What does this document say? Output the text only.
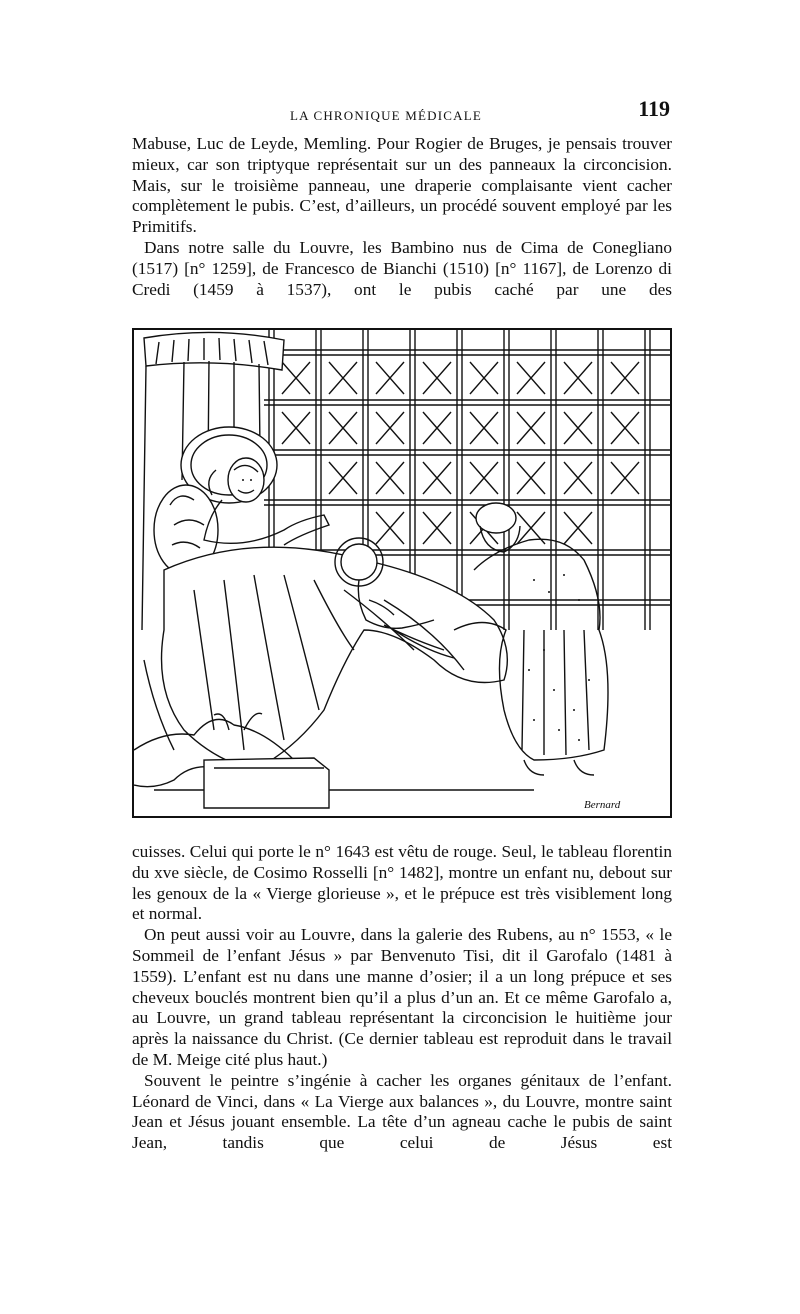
LA CHRONIQUE MÉDICALE	119

Mabuse, Luc de Leyde, Memling. Pour Rogier de Bruges, je pensais trouver mieux, car son triptyque représentait sur un des panneaux la circoncision. Mais, sur le troisième panneau, une draperie complaisante vient cacher complètement le pubis. C’est, d’ailleurs, un procédé souvent employé par les Primitifs.

Dans notre salle du Louvre, les Bambino nus de Cima de Conegliano (1517) [n° 1259], de Francesco de Bianchi (1510) [n° 1167], de Lorenzo di Credi (1459 à 1537), ont le pubis caché par une des

Bernard

cuisses. Celui qui porte le n° 1643 est vêtu de rouge. Seul, le tableau florentin du xve siècle, de Cosimo Rosselli [n° 1482], montre un enfant nu, debout sur les genoux de la « Vierge glorieuse », et le prépuce est très visiblement long et normal.

On peut aussi voir au Louvre, dans la galerie des Rubens, au n° 1553, « le Sommeil de l’enfant Jésus » par Benvenuto Tisi, dit il Garofalo (1481 à 1559). L’enfant est nu dans une manne d’osier; il a un long prépuce et ses cheveux bouclés montrent bien qu’il a plus d’un an. Et ce même Garofalo a, au Louvre, un grand tableau représentant la circoncision le huitième jour après la naissance du Christ. (Ce dernier tableau est reproduit dans le travail de M. Meige cité plus haut.)

Souvent le peintre s’ingénie à cacher les organes génitaux de l’enfant. Léonard de Vinci, dans « La Vierge aux balances », du Louvre, montre saint Jean et Jésus jouant ensemble. La tête d’un agneau cache le pubis de saint Jean, tandis que celui de Jésus est
